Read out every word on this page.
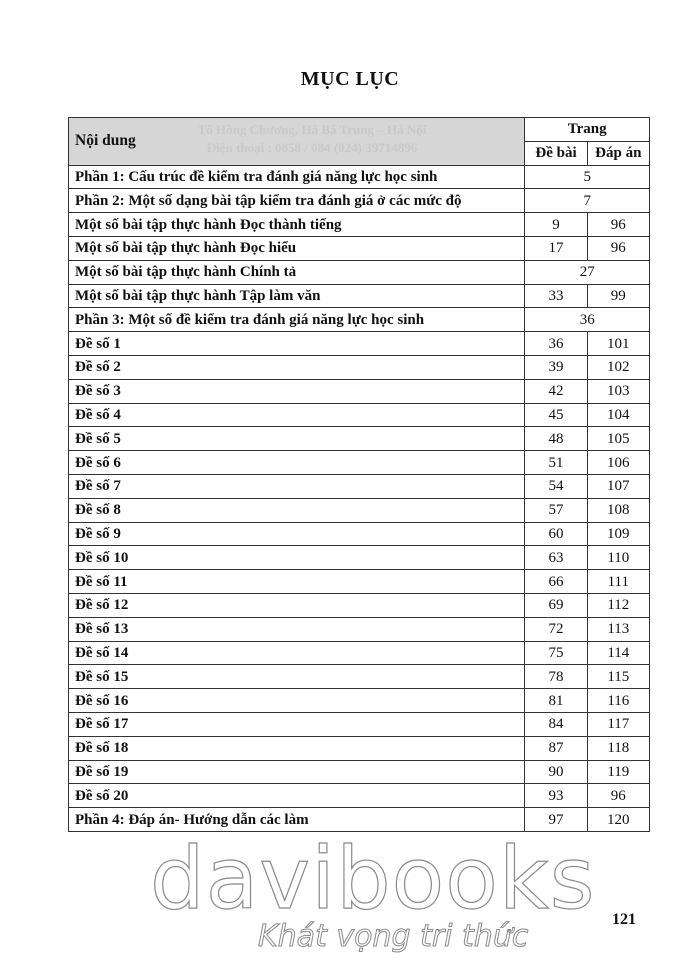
MỤC LỤC
Nội dung	Trang	
	Đề bài	Đáp án
Phần 1: Cấu trúc đề kiểm tra đánh giá năng lực học sinh	5	
Phần 2: Một số dạng bài tập kiểm tra đánh giá ở các mức độ	7	
Một số bài tập thực hành Đọc thành tiếng	9	96
Một số bài tập thực hành Đọc hiểu	17	96
Một số bài tập thực hành Chính tả	27	
Một số bài tập thực hành Tập làm văn	33	99
Phần 3: Một số đề kiểm tra đánh giá năng lực học sinh	36	
Đề số 1	36	101
Đề số 2	39	102
Đề số 3	42	103
Đề số 4	45	104
Đề số 5	48	105
Đề số 6	51	106
Đề số 7	54	107
Đề số 8	57	108
Đề số 9	60	109
Đề số 10	63	110
Đề số 11	66	111
Đề số 12	69	112
Đề số 13	72	113
Đề số 14	75	114
Đề số 15	78	115
Đề số 16	81	116
Đề số 17	84	117
Đề số 18	87	118
Đề số 19	90	119
Đề số 20	93	96
Phần 4: Đáp án- Hướng dẫn các làm	97	120
Tô Hồng Chương, Hà Bá Trung – Hà Nội
Điện thoại : 0858 / 084 (024) 39714896
davibooks
Khát vọng tri thức	121
